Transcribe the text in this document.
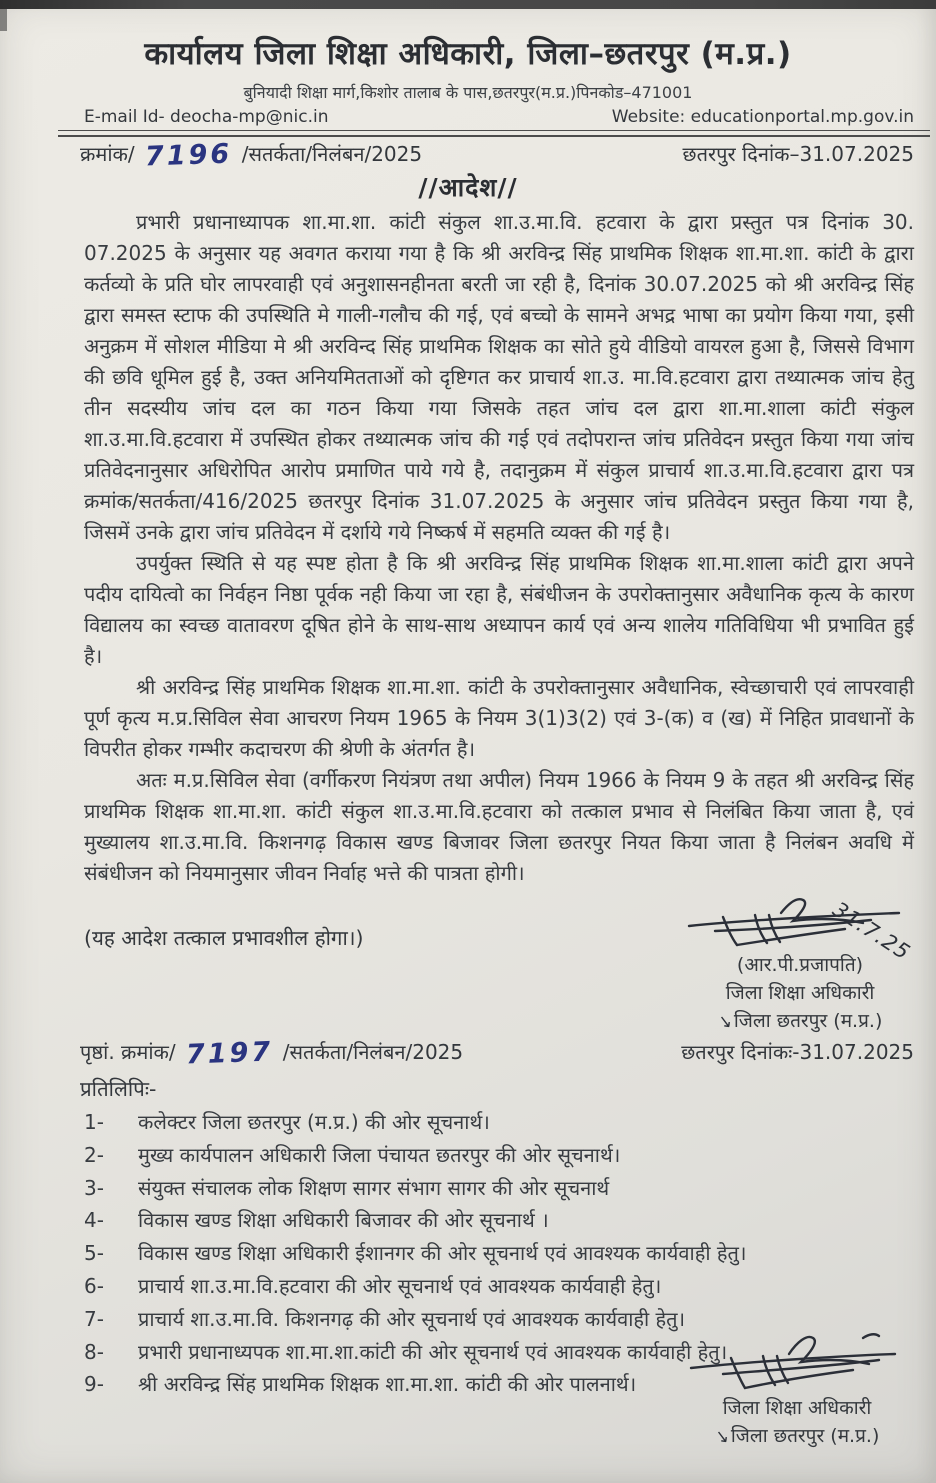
कार्यालय जिला शिक्षा अधिकारी, जिला–छतरपुर (म.प्र.)
बुनियादी शिक्षा मार्ग,किशोर तालाब के पास,छतरपुर(म.प्र.)पिनकोड–471001
E-mail Id- deocha-mp@nic.in	Website: educationportal.mp.gov.in
क्रमांक/ 7196 /सतर्कता/निलंबन/2025	छतरपुर दिनांक–31.07.2025
//आदेश//

प्रभारी प्रधानाध्यापक शा.मा.शा. कांटी संकुल शा.उ.मा.वि. हटवारा के द्वारा प्रस्तुत पत्र दिनांक 30. 07.2025 के अनुसार यह अवगत कराया गया है कि श्री अरविन्द्र सिंह प्राथमिक शिक्षक शा.मा.शा. कांटी के द्वारा कर्तव्यो के प्रति घोर लापरवाही एवं अनुशासनहीनता बरती जा रही है, दिनांक 30.07.2025 को श्री अरविन्द्र सिंह द्वारा समस्त स्टाफ की उपस्थिति मे गाली-गलौच की गई, एवं बच्चो के सामने अभद्र भाषा का प्रयोग किया गया, इसी अनुक्रम में सोशल मीडिया मे श्री अरविन्द सिंह प्राथमिक शिक्षक का सोते हुये वीडियो वायरल हुआ है, जिससे विभाग की छवि धूमिल हुई है, उक्त अनियमितताओं को दृष्टिगत कर प्राचार्य शा.उ. मा.वि.हटवारा द्वारा तथ्यात्मक जांच हेतु तीन सदस्यीय जांच दल का गठन किया गया जिसके तहत जांच दल द्वारा शा.मा.शाला कांटी संकुल शा.उ.मा.वि.हटवारा में उपस्थित होकर तथ्यात्मक जांच की गई एवं तदोपरान्त जांच प्रतिवेदन प्रस्तुत किया गया जांच प्रतिवेदनानुसार अधिरोपित आरोप प्रमाणित पाये गये है, तदानुक्रम में संकुल प्राचार्य शा.उ.मा.वि.हटवारा द्वारा पत्र क्रमांक/सतर्कता/416/2025 छतरपुर दिनांक 31.07.2025 के अनुसार जांच प्रतिवेदन प्रस्तुत किया गया है, जिसमें उनके द्वारा जांच प्रतिवेदन में दर्शाये गये निष्कर्ष में सहमति व्यक्त की गई है।

उपर्युक्त स्थिति से यह स्पष्ट होता है कि श्री अरविन्द्र सिंह प्राथमिक शिक्षक शा.मा.शाला कांटी द्वारा अपने पदीय दायित्वो का निर्वहन निष्ठा पूर्वक नही किया जा रहा है, संबंधीजन के उपरोक्तानुसार अवैधानिक कृत्य के कारण विद्यालय का स्वच्छ वातावरण दूषित होने के साथ-साथ अध्यापन कार्य एवं अन्य शालेय गतिविधिया भी प्रभावित हुई है।

श्री अरविन्द्र सिंह प्राथमिक शिक्षक शा.मा.शा. कांटी के उपरोक्तानुसार अवैधानिक, स्वेच्छाचारी एवं लापरवाही पूर्ण कृत्य म.प्र.सिविल सेवा आचरण नियम 1965 के नियम 3(1)3(2) एवं 3-(क) व (ख) में निहित प्रावधानों के विपरीत होकर गम्भीर कदाचरण की श्रेणी के अंतर्गत है।

अतः म.प्र.सिविल सेवा (वर्गीकरण नियंत्रण तथा अपील) नियम 1966 के नियम 9 के तहत श्री अरविन्द्र सिंह प्राथमिक शिक्षक शा.मा.शा. कांटी संकुल शा.उ.मा.वि.हटवारा को तत्काल प्रभाव से निलंबित किया जाता है, एवं मुख्यालय शा.उ.मा.वि. किशनगढ़ विकास खण्ड बिजावर जिला छतरपुर नियत किया जाता है निलंबन अवधि में संबंधीजन को नियमानुसार जीवन निर्वाह भत्ते की पात्रता होगी।

(यह आदेश तत्काल प्रभावशील होगा।)	31.7.25
(आर.पी.प्रजापति)
जिला शिक्षा अधिकारी
↘जिला छतरपुर (म.प्र.)
पृष्ठां. क्रमांक/ 7197 /सतर्कता/निलंबन/2025	छतरपुर दिनांकः-31.07.2025
प्रतिलिपिः-
1-	कलेक्टर जिला छतरपुर (म.प्र.) की ओर सूचनार्थ।
2-	मुख्य कार्यपालन अधिकारी जिला पंचायत छतरपुर की ओर सूचनार्थ।
3-	संयुक्त संचालक लोक शिक्षण सागर संभाग सागर की ओर सूचनार्थ
4-	विकास खण्ड शिक्षा अधिकारी बिजावर की ओर सूचनार्थ ।
5-	विकास खण्ड शिक्षा अधिकारी ईशानगर की ओर सूचनार्थ एवं आवश्यक कार्यवाही हेतु।
6-	प्राचार्य शा.उ.मा.वि.हटवारा की ओर सूचनार्थ एवं आवश्यक कार्यवाही हेतु।
7-	प्राचार्य शा.उ.मा.वि. किशनगढ़ की ओर सूचनार्थ एवं आवश्यक कार्यवाही हेतु।
8-	प्रभारी प्रधानाध्यपक शा.मा.शा.कांटी की ओर सूचनार्थ एवं आवश्यक कार्यवाही हेतु।
9-	श्री अरविन्द्र सिंह प्राथमिक शिक्षक शा.मा.शा. कांटी की ओर पालनार्थ।
जिला शिक्षा अधिकारी
↘जिला छतरपुर (म.प्र.)
